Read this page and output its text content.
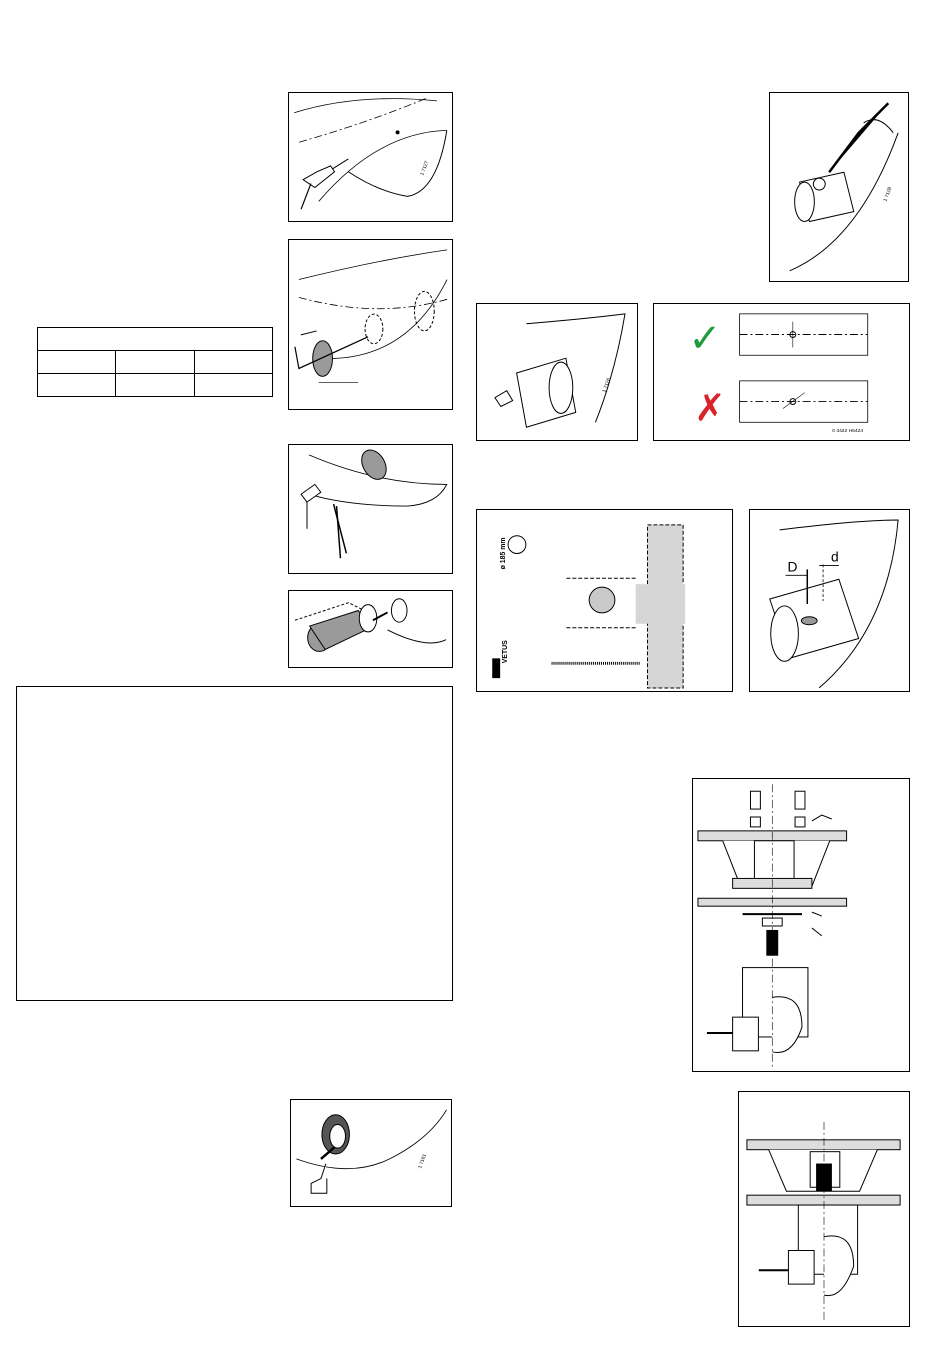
1 7127

1 7161
1 7128
1 7126
✓
✗
0 3422 H6424
ø 185 mm
VETUS
D
d
